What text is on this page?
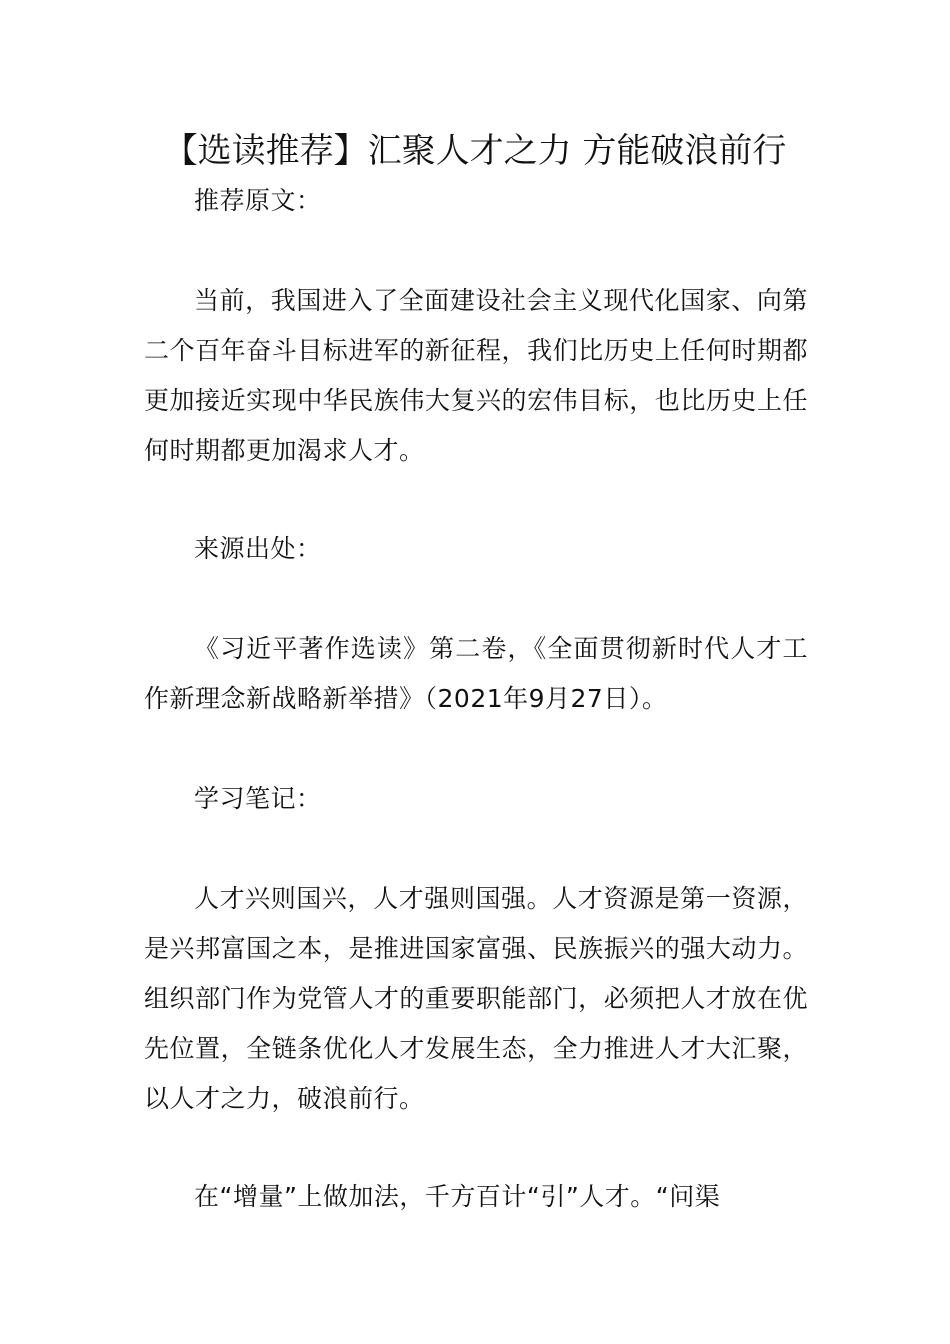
【选读推荐】汇聚人才之力 方能破浪前行

推荐原文：

当前，我国进入了全面建设社会主义现代化国家、向第二个百年奋斗目标进军的新征程，我们比历史上任何时期都更加接近实现中华民族伟大复兴的宏伟目标，也比历史上任何时期都更加渴求人才。

来源出处：

《习近平著作选读》第二卷，《全面贯彻新时代人才工作新理念新战略新举措》（2021年9月27日）。

学习笔记：

人才兴则国兴，人才强则国强。人才资源是第一资源，是兴邦富国之本，是推进国家富强、民族振兴的强大动力。组织部门作为党管人才的重要职能部门，必须把人才放在优先位置，全链条优化人才发展生态，全力推进人才大汇聚，以人才之力，破浪前行。

在“增量”上做加法，千方百计“引”人才。“问渠
